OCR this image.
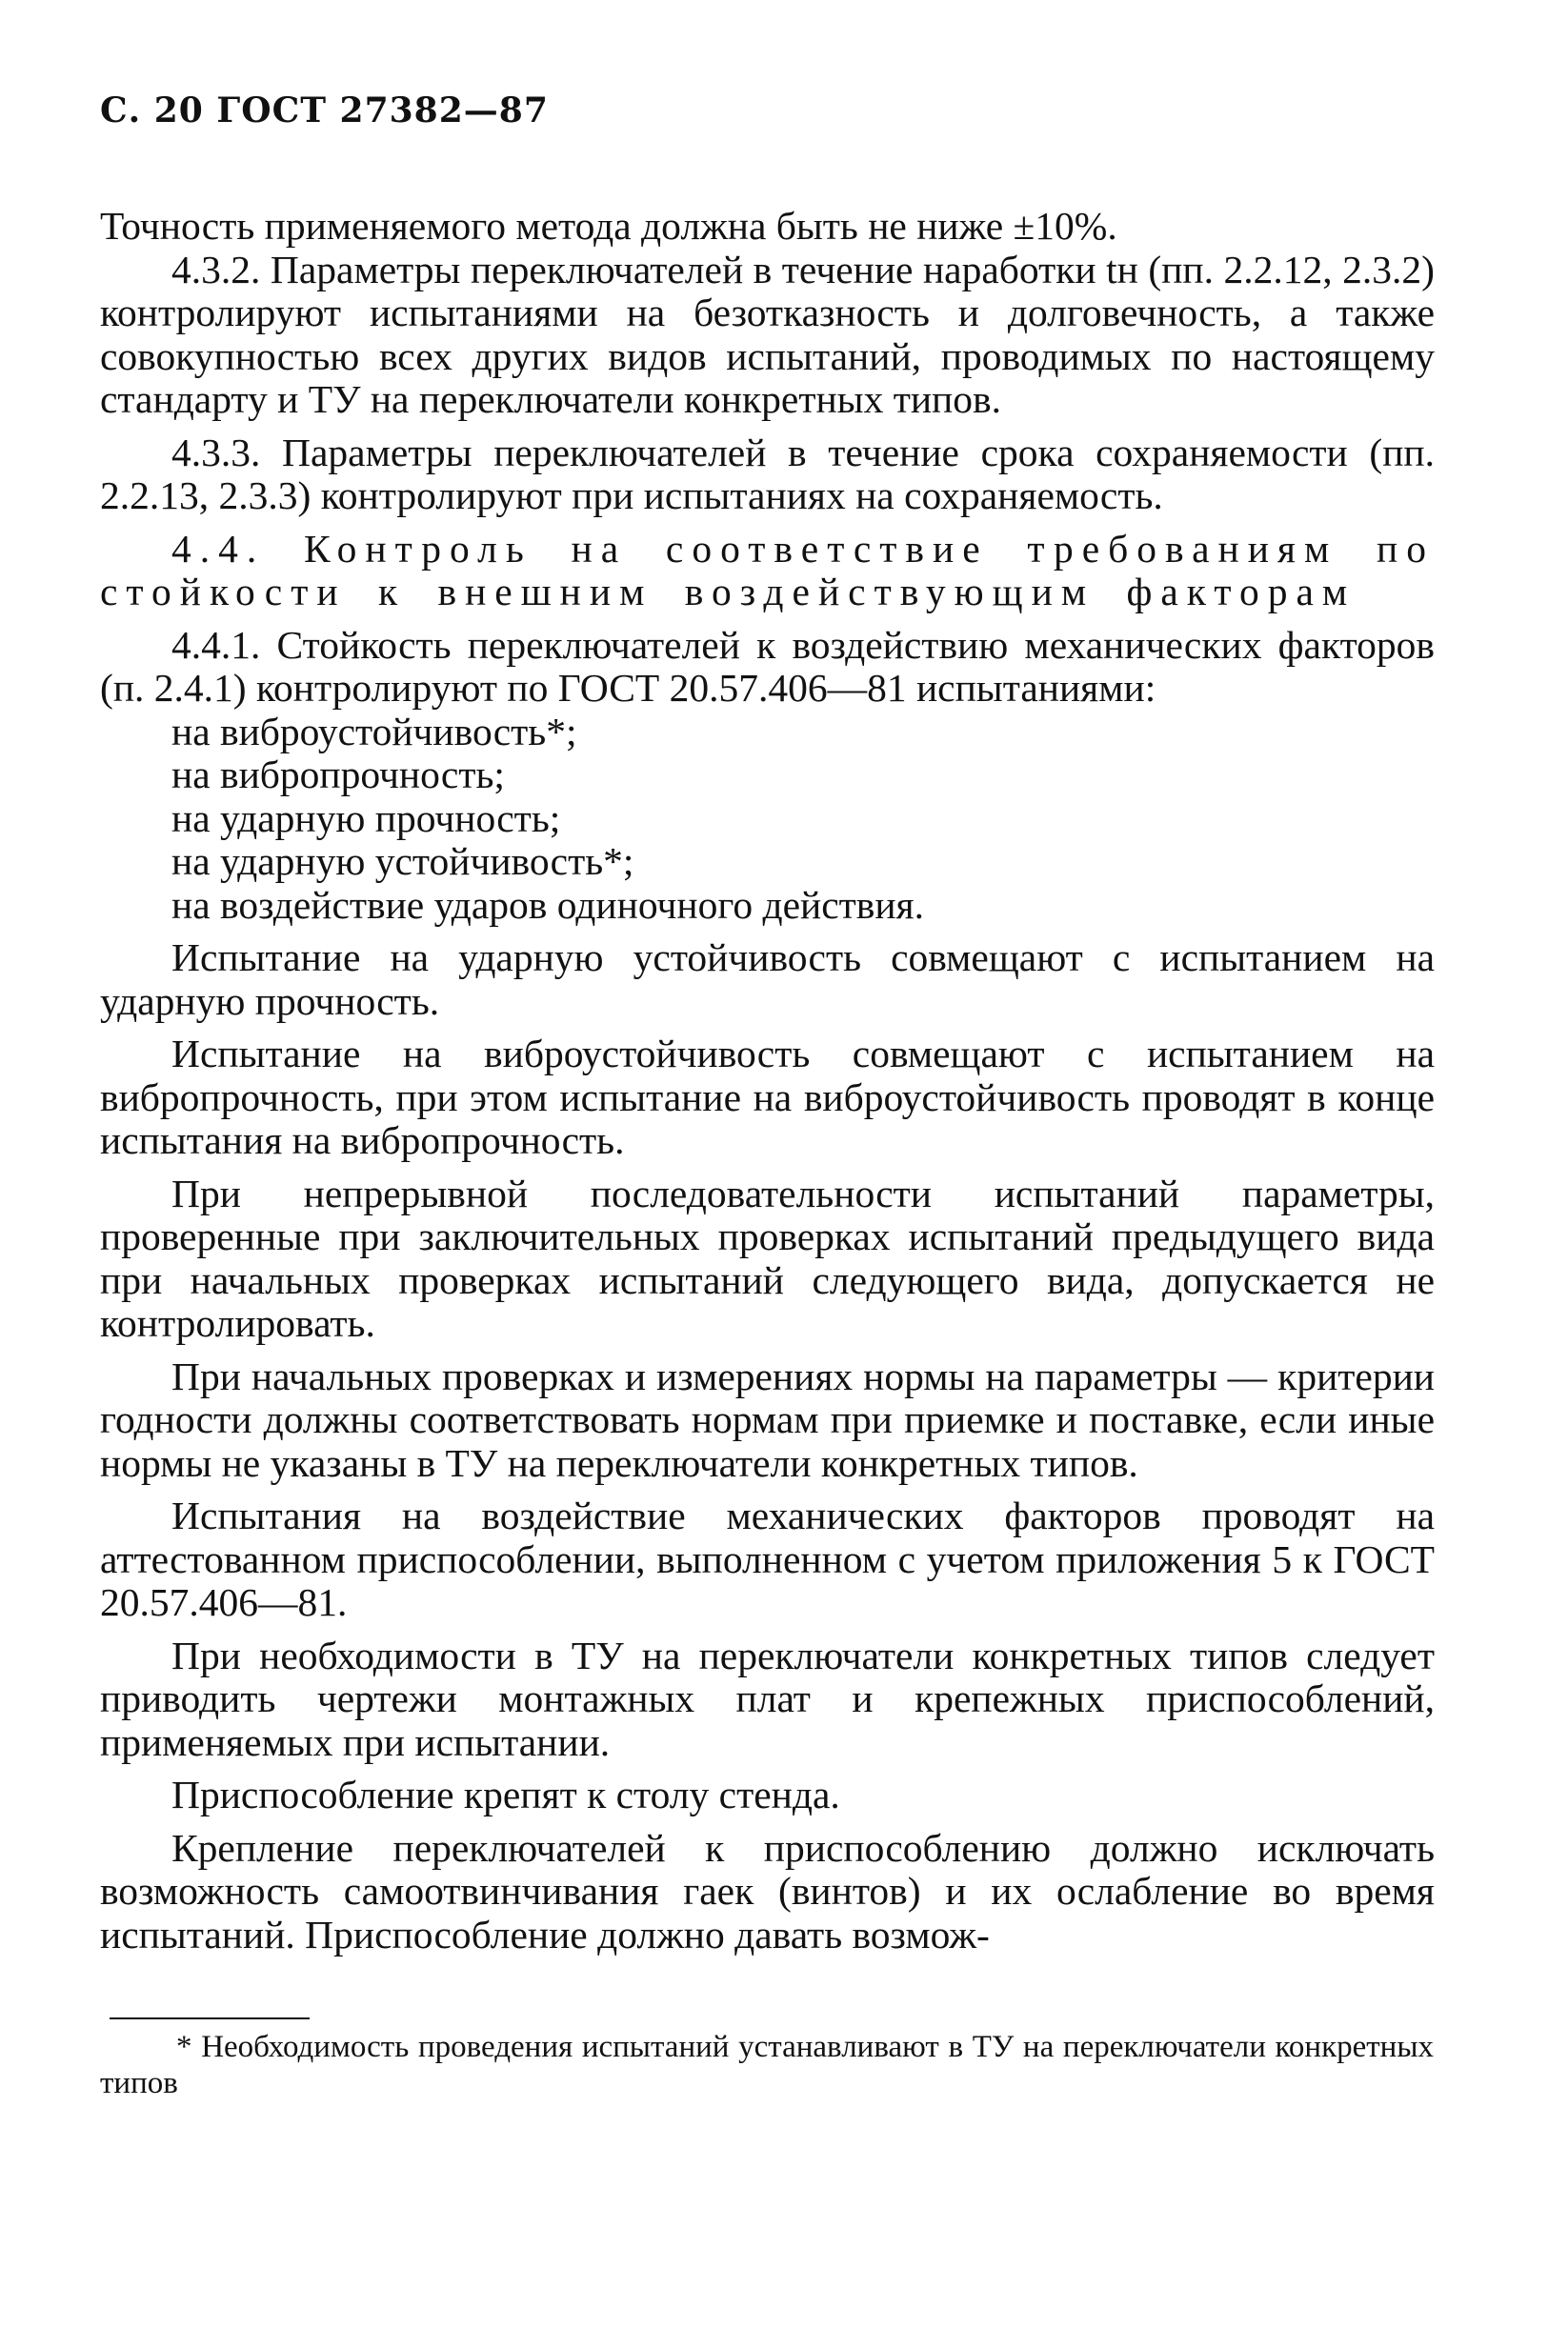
С. 20 ГОСТ 27382—87

Точность применяемого метода должна быть не ниже ±10%.

4.3.2. Параметры переключателей в течение наработки tн (пп. 2.2.12, 2.3.2) контролируют испытаниями на безотказность и долговечность, а также совокупностью всех других видов испытаний, проводимых по настоящему стандарту и ТУ на переключатели конкретных типов.

4.3.3. Параметры переключателей в течение срока сохраняемости (пп. 2.2.13, 2.3.3) контролируют при испытаниях на сохраняемость.

4.4. Контроль на соответствие требованиям по стойкости к внешним воздействующим факторам

4.4.1. Стойкость переключателей к воздействию механических факторов (п. 2.4.1) контролируют по ГОСТ 20.57.406—81 испытаниями:

на виброустойчивость*;

на вибропрочность;

на ударную прочность;

на ударную устойчивость*;

на воздействие ударов одиночного действия.

Испытание на ударную устойчивость совмещают с испытанием на ударную прочность.

Испытание на виброустойчивость совмещают с испытанием на вибропрочность, при этом испытание на виброустойчивость проводят в конце испытания на вибропрочность.

При непрерывной последовательности испытаний параметры, проверенные при заключительных проверках испытаний предыдущего вида при начальных проверках испытаний следующего вида, допускается не контролировать.

При начальных проверках и измерениях нормы на параметры — критерии годности должны соответствовать нормам при приемке и поставке, если иные нормы не указаны в ТУ на переключатели конкретных типов.

Испытания на воздействие механических факторов проводят на аттестованном приспособлении, выполненном с учетом приложения 5 к ГОСТ 20.57.406—81.

При необходимости в ТУ на переключатели конкретных типов следует приводить чертежи монтажных плат и крепежных приспособлений, применяемых при испытании.

Приспособление крепят к столу стенда.

Крепление переключателей к приспособлению должно исключать возможность самоотвинчивания гаек (винтов) и их ослабление во время испытаний. Приспособление должно давать возмож-

* Необходимость проведения испытаний устанавливают в ТУ на переключатели конкретных типов
